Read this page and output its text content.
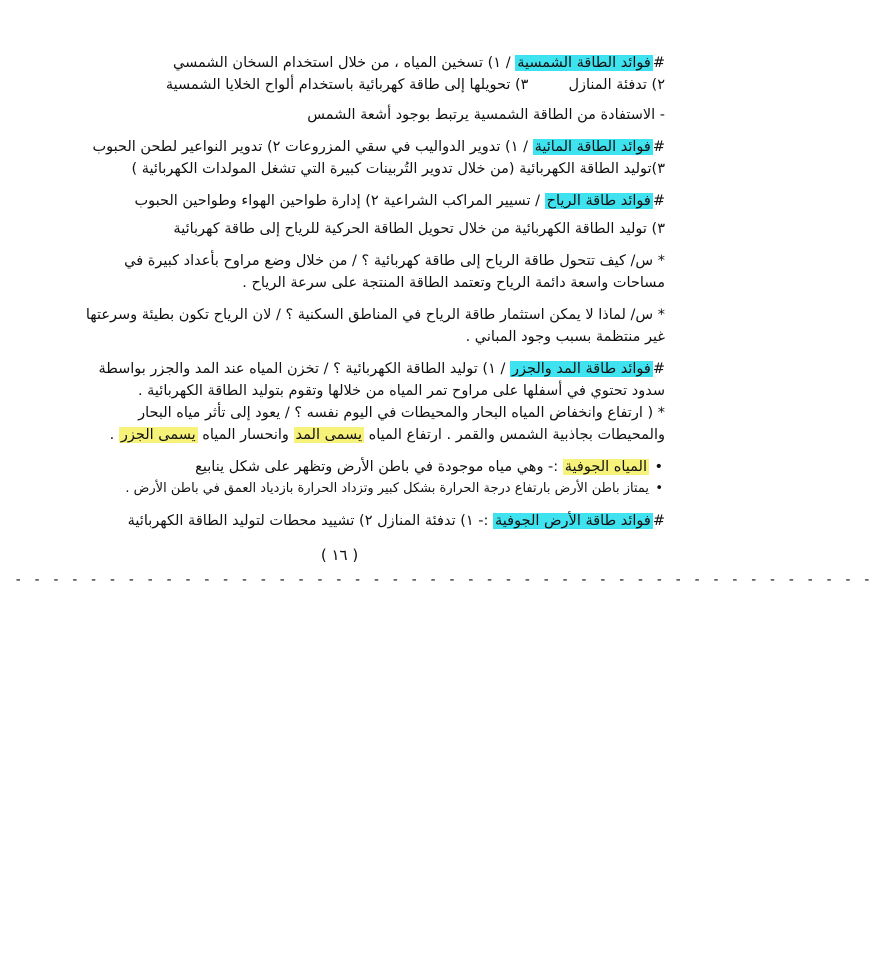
#فوائد الطاقة الشمسية / ١) تسخين المياه ، من خلال استخدام السخان الشمسي
٢) تدفئة المنازل٣) تحويلها إلى طاقة كهربائية باستخدام ألواح الخلايا الشمسية
- الاستفادة من الطاقة الشمسية يرتبط بوجود أشعة الشمس
#فوائد الطاقة المائية / ١) تدوير الدواليب في سقي المزروعات ٢) تدوير النواعير لطحن الحبوب
٣)توليد الطاقة الكهربائية (من خلال تدوير التُربينات كبيرة التي تشغل المولدات الكهربائية )
#فوائد طاقة الرياح / تسيير المراكب الشراعية ٢) إدارة طواحين الهواء وطواحين الحبوب
٣) توليد الطاقة الكهربائية من خلال تحويل الطاقة الحركية للرياح إلى طاقة كهربائية
* س/ كيف تتحول طاقة الرياح إلى طاقة كهربائية ؟ / من خلال وضع مراوح بأعداد كبيرة في
مساحات واسعة دائمة الرياح وتعتمد الطاقة المنتجة على سرعة الرياح .
* س/ لماذا لا يمكن استثمار طاقة الرياح في المناطق السكنية ؟ / لان الرياح تكون بطيئة وسرعتها
غير منتظمة بسبب وجود المباني .
#فوائد طاقة المد والجزر / ١) توليد الطاقة الكهربائية ؟ / تخزن المياه عند المد والجزر بواسطة
سدود تحتوي في أسفلها على مراوح تمر المياه من خلالها وتقوم بتوليد الطاقة الكهربائية .
* ( ارتفاع وانخفاض المياه البحار والمحيطات في اليوم نفسه ؟ / يعود إلى تأثر مياه البحار
والمحيطات بجاذبية الشمس والقمر . ارتفاع المياه يسمى المد وانحسار المياه يسمى الجزر .
• المياه الجوفية :- وهي مياه موجودة في باطن الأرض وتظهر على شكل ينابيع
• يمتاز باطن الأرض بارتفاع درجة الحرارة بشكل كبير وتزداد الحرارة بازدياد العمق في باطن الأرض .
#فوائد طاقة الأرض الجوفية :- ١) تدفئة المنازل ٢) تشييد محطات لتوليد الطاقة الكهربائية
( ١٦ )
- - - - - - - - - - - - - - - - - - - - - - - - - - - - - - - - - - - - - - - - - - - - - -
